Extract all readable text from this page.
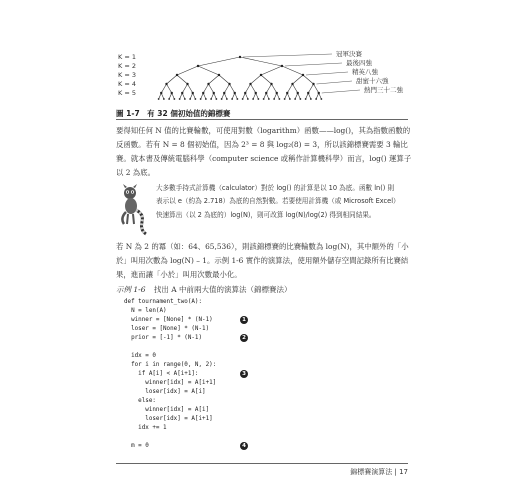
K = 1
K = 2
K = 3
K = 4
K = 5
冠軍決賽
最後四強
精英八強
甜蜜十六強
熱門三十二強
圖 1-7　有 32 個初始值的錦標賽
要得知任何 N 值的比賽輪數，可使用對數（logarithm）函數——log()，其為指數函數的反函數。若有 N = 8 個初始值，因為 2³ = 8 與 log₂(8) = 3，所以該錦標賽需要 3 輪比賽。就本書及傳統電腦科學（computer science 或稱作計算機科學）而言，log() 運算子以 2 為底。
大多數手持式計算機（calculator）對於 log() 的計算是以 10 為底。函數 ln() 則表示以 e（約為 2.718）為底的自然對數。若要使用計算機（或 Microsoft Excel）快速算出（以 2 為底的）log(N)，則可改算 log(N)/log(2) 得到相同結果。
若 N 為 2 的冪（如：64、65,536），則該錦標賽的比賽輪數為 log(N)，其中額外的「小於」叫用次數為 log(N) – 1。示例 1-6 實作的演算法，使用額外儲存空間記錄所有比賽結果，進而讓「小於」叫用次數最小化。
示例 1-6 找出 A 中前兩大值的演算法（錦標賽法）
def tournament_two(A):
N = len(A)
winner = [None] * (N-1)
loser = [None] * (N-1)
prior = [-1] * (N-1)
idx = 0
for i in range(0, N, 2):
if A[i] < A[i+1]:
winner[idx] = A[i+1]
loser[idx] = A[i]
else:
winner[idx] = A[i]
loser[idx] = A[i+1]
idx += 1
m = 0
1
2
3
4
錦標賽演算法 | 17
